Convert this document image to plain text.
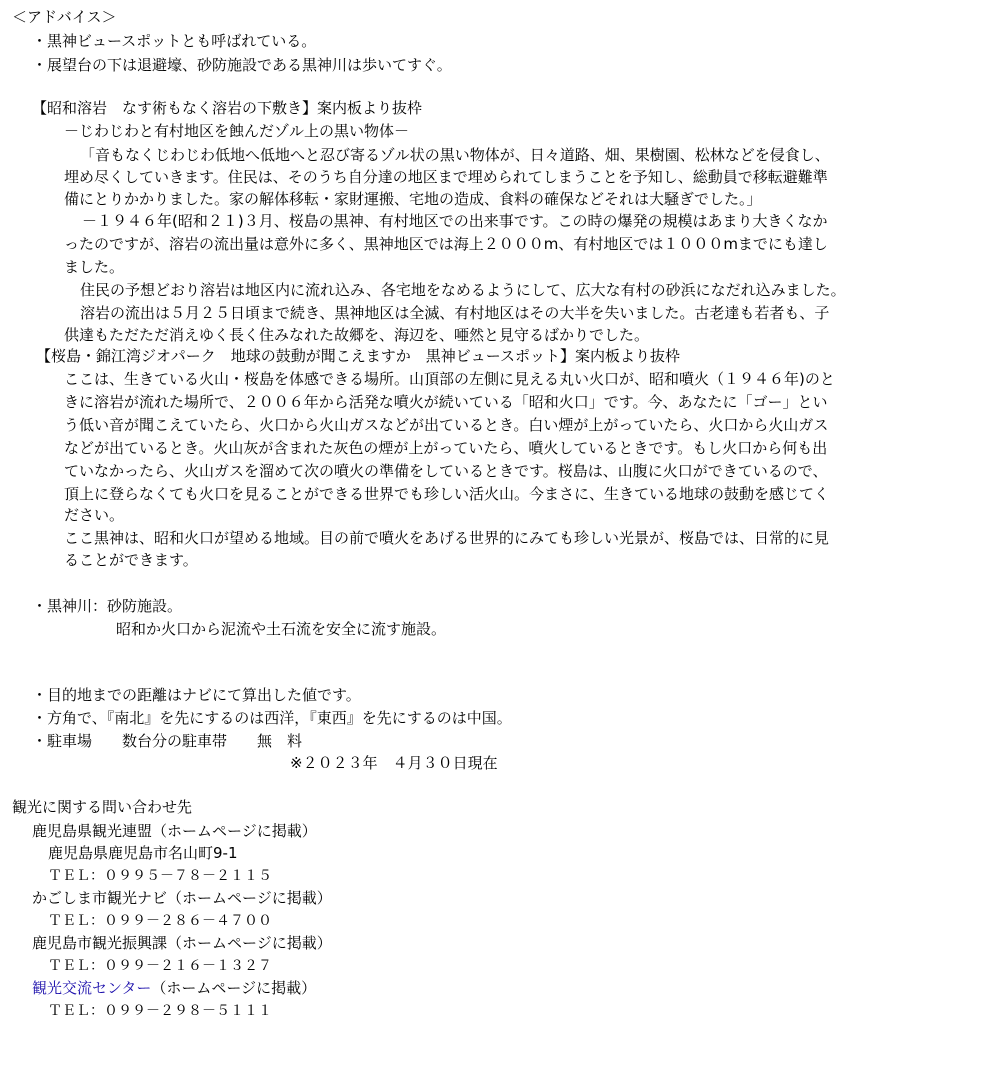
＜アドバイス＞
・黒神ビュースポットとも呼ばれている。
・展望台の下は退避壕、砂防施設である黒神川は歩いてすぐ。
【昭和溶岩　なす術もなく溶岩の下敷き】案内板より抜枠
－じわじわと有村地区を蝕んだゾル上の黒い物体－
「音もなくじわじわ低地へ低地へと忍び寄るゾル状の黒い物体が、日々道路、畑、果樹園、松林などを侵食し、
埋め尽くしていきます。住民は、そのうち自分達の地区まで埋められてしまうことを予知し、総動員で移転避難準
備にとりかかりました。家の解体移転・家財運搬、宅地の造成、食料の確保などそれは大騒ぎでした。」
－１９４６年(昭和２１)３月、桜島の黒神、有村地区での出来事です。この時の爆発の規模はあまり大きくなか
ったのですが、溶岩の流出量は意外に多く、黒神地区では海上２０００m、有村地区では１０００mまでにも達し
ました。
住民の予想どおり溶岩は地区内に流れ込み、各宅地をなめるようにして、広大な有村の砂浜になだれ込みました。
溶岩の流出は５月２５日頃まで続き、黒神地区は全滅、有村地区はその大半を失いました。古老達も若者も、子
供達もただただ消えゆく長く住みなれた故郷を、海辺を、唖然と見守るばかりでした。
【桜島・錦江湾ジオパーク　地球の鼓動が聞こえますか　黒神ビュースポット】案内板より抜枠
ここは、生きている火山・桜島を体感できる場所。山頂部の左側に見える丸い火口が、昭和噴火（１９４６年)のと
きに溶岩が流れた場所で、２００６年から活発な噴火が続いている「昭和火口」です。今、あなたに「ゴー」とい
う低い音が聞こえていたら、火口から火山ガスなどが出ているとき。白い煙が上がっていたら、火口から火山ガス
などが出ているとき。火山灰が含まれた灰色の煙が上がっていたら、噴火しているときです。もし火口から何も出
ていなかったら、火山ガスを溜めて次の噴火の準備をしているときです。桜島は、山腹に火口ができているので、
頂上に登らなくても火口を見ることができる世界でも珍しい活火山。今まさに、生きている地球の鼓動を感じてく
ださい。
ここ黒神は、昭和火口が望める地域。目の前で噴火をあげる世界的にみても珍しい光景が、桜島では、日常的に見
ることができます。
・黒神川：砂防施設。
昭和か火口から泥流や土石流を安全に流す施設。
・目的地までの距離はナビにて算出した値です。
・方角で、『南北』を先にするのは西洋，『東西』を先にするのは中国。
・駐車場　　数台分の駐車帯　　無　料
※２０２３年　４月３０日現在
観光に関する問い合わせ先
鹿児島県観光連盟（ホームページに掲載）
鹿児島県鹿児島市名山町9-1
ＴＥＬ：０９９５－７８－２１１５
かごしま市観光ナビ（ホームページに掲載）
ＴＥＬ：０９９－２８６－４７００
鹿児島市観光振興課（ホームページに掲載）
ＴＥＬ：０９９－２１６－１３２７
観光交流センター（ホームページに掲載）
ＴＥＬ：０９９－２９８－５１１１
